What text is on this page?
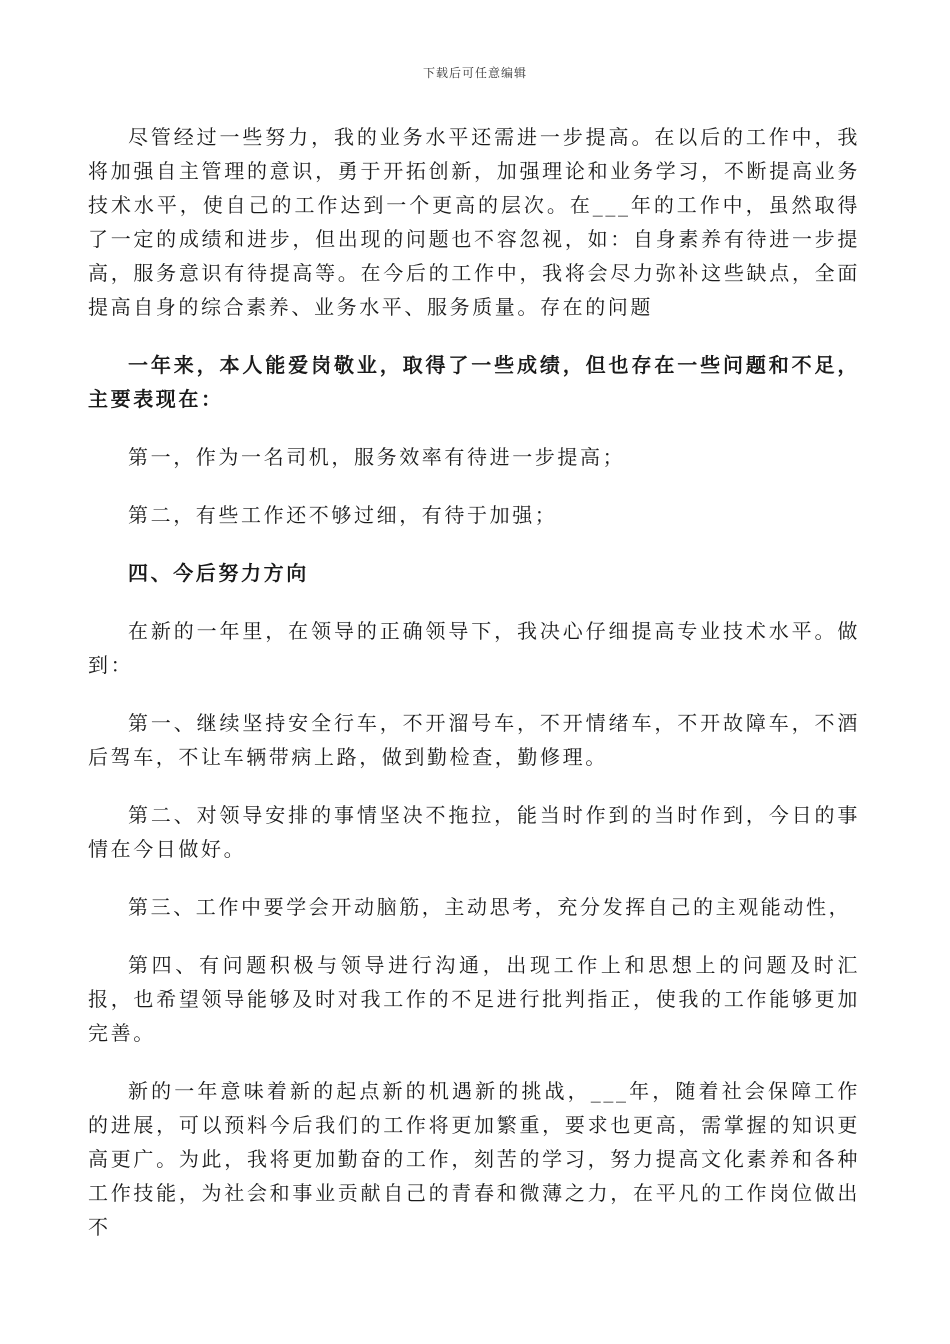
下载后可任意编辑

尽管经过一些努力，我的业务水平还需进一步提高。在以后的工作中，我将加强自主管理的意识，勇于开拓创新，加强理论和业务学习，不断提高业务技术水平，使自己的工作达到一个更高的层次。在___年的工作中，虽然取得了一定的成绩和进步，但出现的问题也不容忽视，如：自身素养有待进一步提高，服务意识有待提高等。在今后的工作中，我将会尽力弥补这些缺点，全面提高自身的综合素养、业务水平、服务质量。存在的问题

一年来，本人能爱岗敬业，取得了一些成绩，但也存在一些问题和不足，主要表现在：

第一，作为一名司机，服务效率有待进一步提高；

第二，有些工作还不够过细，有待于加强；

四、今后努力方向

在新的一年里，在领导的正确领导下，我决心仔细提高专业技术水平。做到：

第一、继续坚持安全行车，不开溜号车，不开情绪车，不开故障车，不酒后驾车，不让车辆带病上路，做到勤检查，勤修理。

第二、对领导安排的事情坚决不拖拉，能当时作到的当时作到，今日的事情在今日做好。

第三、工作中要学会开动脑筋，主动思考，充分发挥自己的主观能动性，

第四、有问题积极与领导进行沟通，出现工作上和思想上的问题及时汇报，也希望领导能够及时对我工作的不足进行批判指正，使我的工作能够更加完善。

新的一年意味着新的起点新的机遇新的挑战，___年，随着社会保障工作的进展，可以预料今后我们的工作将更加繁重，要求也更高，需掌握的知识更高更广。为此，我将更加勤奋的工作，刻苦的学习，努力提高文化素养和各种工作技能，为社会和事业贡献自己的青春和微薄之力，在平凡的工作岗位做出不
